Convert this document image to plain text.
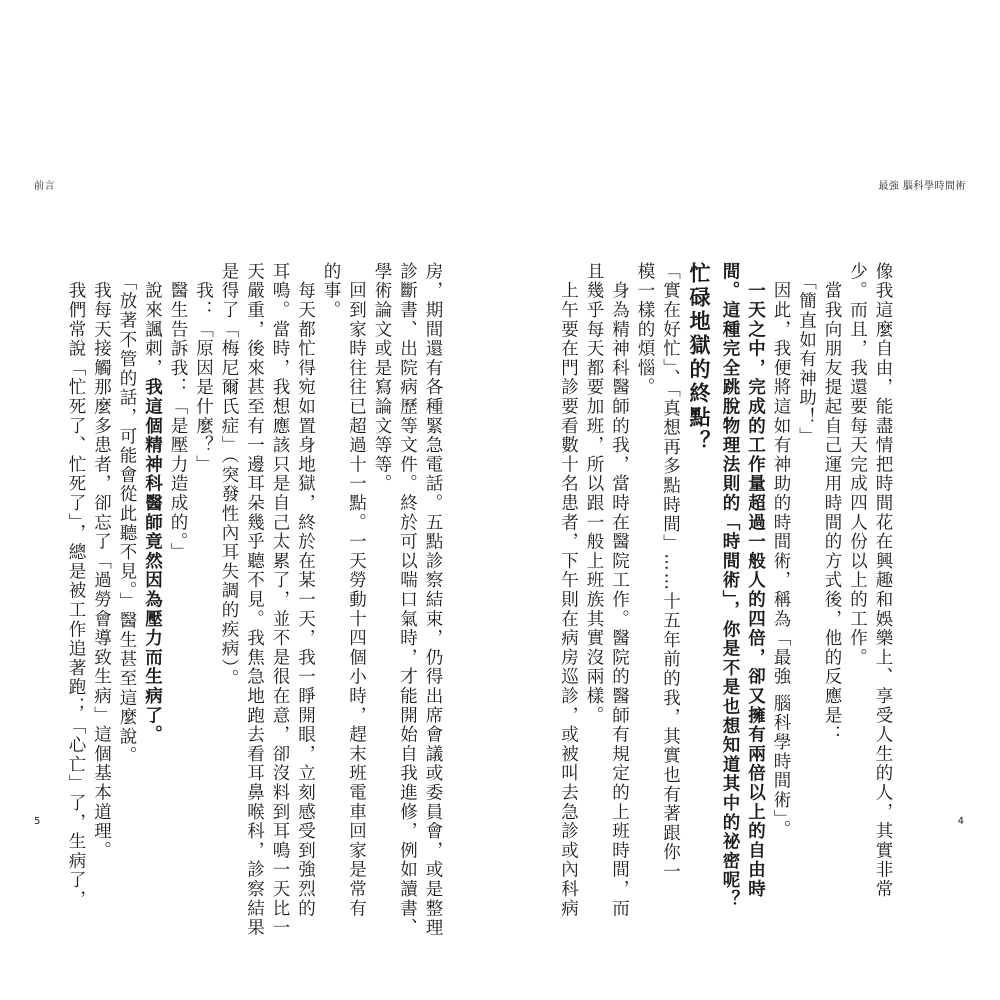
前言	最強 腦科學時間術
像我這麼自由，能盡情把時間花在興趣和娛樂上、享受人生的人，其實非常
少。而且，我還要每天完成四人份以上的工作。
　當我向朋友提起自己運用時間的方式後，他的反應是：
　「簡直如有神助！」
　因此，我便將這如有神助的時間術，稱為「最強 腦科學時間術」。
　一天之中，完成的工作量超過一般人的四倍，卻又擁有兩倍以上的自由時
間。這種完全跳脫物理法則的「時間術」，你是不是也想知道其中的祕密呢？
忙碌地獄的終點？
「實在好忙」、「真想再多點時間」……十五年前的我，其實也有著跟你一
模一樣的煩惱。
　身為精神科醫師的我，當時在醫院工作。醫院的醫師有規定的上班時間，而
且幾乎每天都要加班，所以跟一般上班族其實沒兩樣。
　上午要在門診要看數十名患者，下午則在病房巡診，或被叫去急診或內科病
房，期間還有各種緊急電話。五點診察結束，仍得出席會議或委員會，或是整理
診斷書、出院病歷等文件。終於可以喘口氣時，才能開始自我進修，例如讀書、
學術論文或是寫論文等等。
　回到家時往往已超過十一點。一天勞動十四個小時，趕末班電車回家是常有
的事。
　每天都忙得宛如置身地獄，終於在某一天，我一睜開眼，立刻感受到強烈的
耳鳴。當時，我想應該只是自己太累了，並不是很在意，卻沒料到耳鳴一天比一
天嚴重，後來甚至有一邊耳朵幾乎聽不見。我焦急地跑去看耳鼻喉科，診察結果
是得了「梅尼爾氏症」（突發性內耳失調的疾病）。
　我：「原因是什麼？」
　醫生告訴我：「是壓力造成的。」
　說來諷刺，我這個精神科醫師竟然因為壓力而生病了。
　「放著不管的話，可能會從此聽不見。」醫生甚至這麼說。
　我每天接觸那麼多患者，卻忘了「過勞會導致生病」這個基本道理。
　我們常說「忙死了、忙死了」，總是被工作追著跑；「心亡」了，生病了，
5	4
